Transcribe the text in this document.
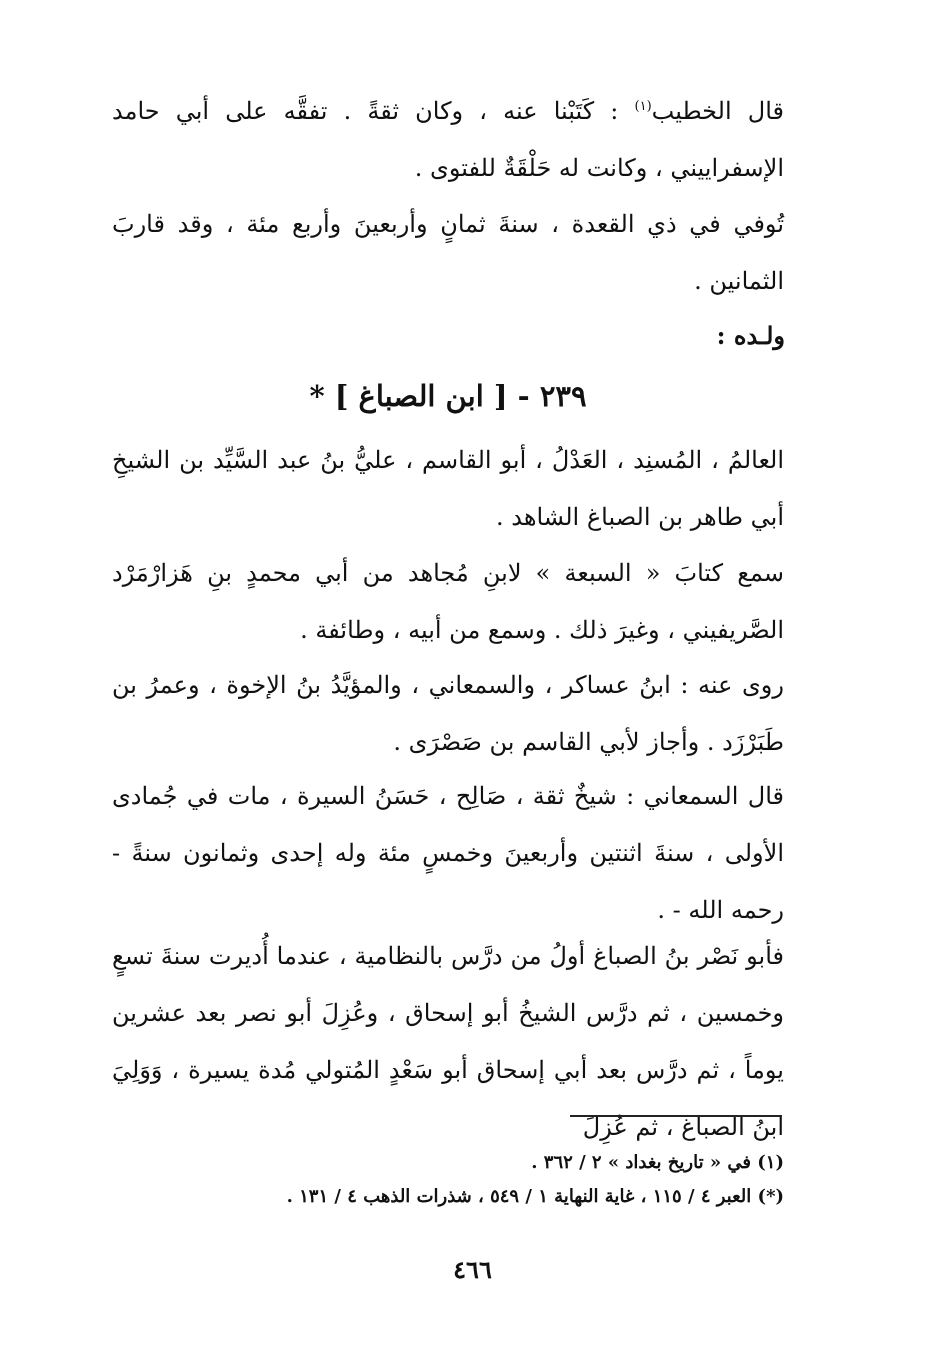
قال الخطيب$^{(١)}$ : كَتَبْنا عنه ، وكان ثقةً . تفقَّه على أبي حامد الإسفراييني ، وكانت له حَلْقَةٌ للفتوى .

تُوفي في ذي القعدة ، سنةَ ثمانٍ وأربعينَ وأربع مئة ، وقد قاربَ الثمانين .

ولـده :
٢٣٩ - [ ابن الصباغ ] *

العالمُ ، المُسنِد ، العَدْلُ ، أبو القاسم ، عليُّ بنُ عبد السَّيِّد بن الشيخِ أبي طاهر بن الصباغ الشاهد .

سمع كتابَ « السبعة » لابنِ مُجاهد من أبي محمدٍ بنِ هَزارْمَرْد الصَّريفيني ، وغيرَ ذلك . وسمع من أبيه ، وطائفة .

روى عنه : ابنُ عساكر ، والسمعاني ، والمؤيَّدُ بنُ الإخوة ، وعمرُ بن طَبَرْزَد . وأجاز لأبي القاسم بن صَصْرَى .

قال السمعاني : شيخٌ ثقة ، صَالِح ، حَسَنُ السيرة ، مات في جُمادى الأولى ، سنةَ اثنتين وأربعينَ وخمسٍ مئة وله إحدى وثمانون سنةً - رحمه الله - .

فأبو نَصْر بنُ الصباغ أولُ من درَّس بالنظامية ، عندما أُديرت سنةَ تسعٍ وخمسين ، ثم درَّس الشيخُ أبو إسحاق ، وعُزِلَ أبو نصر بعد عشرين يوماً ، ثم درَّس بعد أبي إسحاق أبو سَعْدٍ المُتولي مُدة يسيرة ، وَوَلِيَ ابنُ الصباغ ، ثم عُزِلَ

(١) في « تاريخ بغداد » ٢ / ٣٦٢ .
(*) العبر ٤ / ١١٥ ، غاية النهاية ١ / ٥٤٩ ، شذرات الذهب ٤ / ١٣١ .
٤٦٦
